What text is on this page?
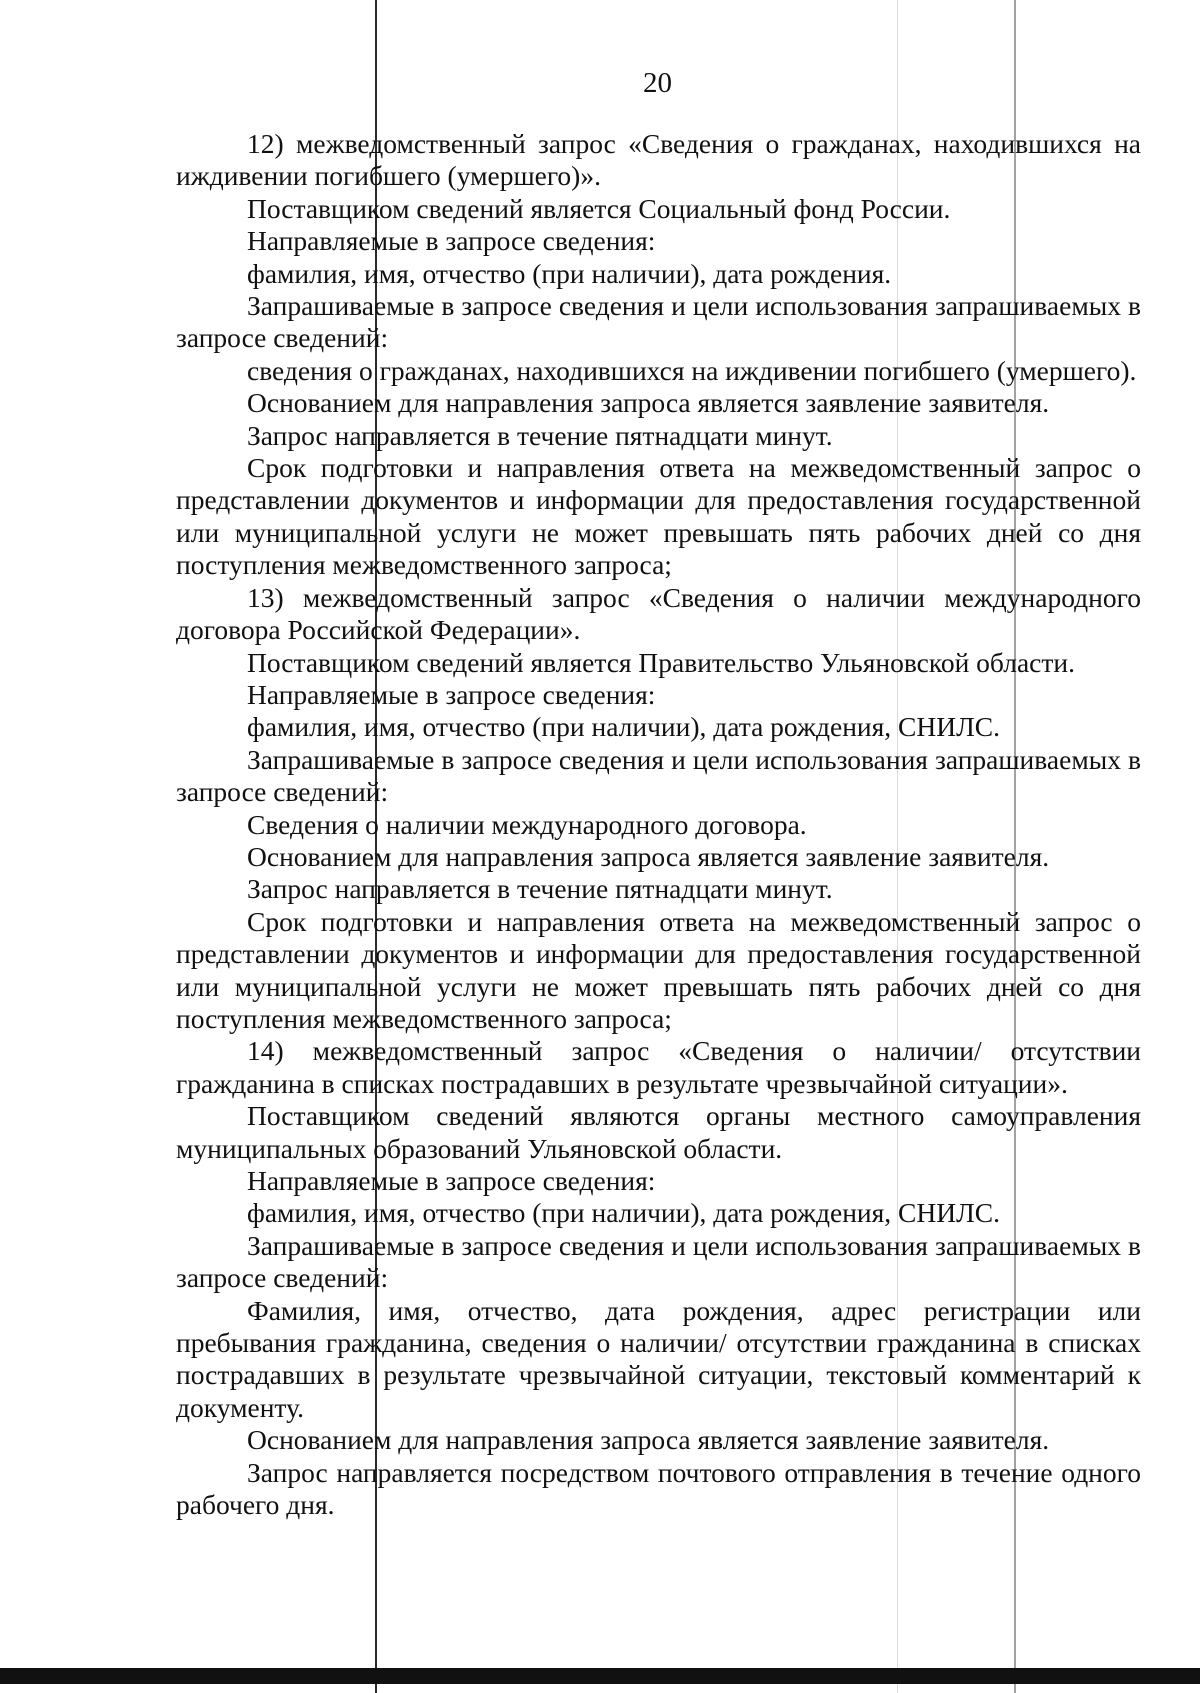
20

12) межведомственный запрос «Сведения о гражданах, находившихся на иждивении погибшего (умершего)».

Поставщиком сведений является Социальный фонд России.

Направляемые в запросе сведения:

фамилия, имя, отчество (при наличии), дата рождения.

Запрашиваемые в запросе сведения и цели использования запрашиваемых в запросе сведений:

сведения о гражданах, находившихся на иждивении погибшего (умершего).

Основанием для направления запроса является заявление заявителя.

Запрос направляется в течение пятнадцати минут.

Срок подготовки и направления ответа на межведомственный запрос о представлении документов и информации для предоставления государственной или муниципальной услуги не может превышать пять рабочих дней со дня поступления межведомственного запроса;

13) межведомственный запрос «Сведения о наличии международного договора Российской Федерации».

Поставщиком сведений является Правительство Ульяновской области.

Направляемые в запросе сведения:

фамилия, имя, отчество (при наличии), дата рождения, СНИЛС.

Запрашиваемые в запросе сведения и цели использования запрашиваемых в запросе сведений:

Сведения о наличии международного договора.

Основанием для направления запроса является заявление заявителя.

Запрос направляется в течение пятнадцати минут.

Срок подготовки и направления ответа на межведомственный запрос о представлении документов и информации для предоставления государственной или муниципальной услуги не может превышать пять рабочих дней со дня поступления межведомственного запроса;

14) межведомственный запрос «Сведения о наличии/ отсутствии гражданина в списках пострадавших в результате чрезвычайной ситуации».

Поставщиком сведений являются органы местного самоуправления муниципальных образований Ульяновской области.

Направляемые в запросе сведения:

фамилия, имя, отчество (при наличии), дата рождения, СНИЛС.

Запрашиваемые в запросе сведения и цели использования запрашиваемых в запросе сведений:

Фамилия, имя, отчество, дата рождения, адрес регистрации или пребывания гражданина, сведения о наличии/ отсутствии гражданина в списках пострадавших в результате чрезвычайной ситуации, текстовый комментарий к документу.

Основанием для направления запроса является заявление заявителя.

Запрос направляется посредством почтового отправления в течение одного рабочего дня.
